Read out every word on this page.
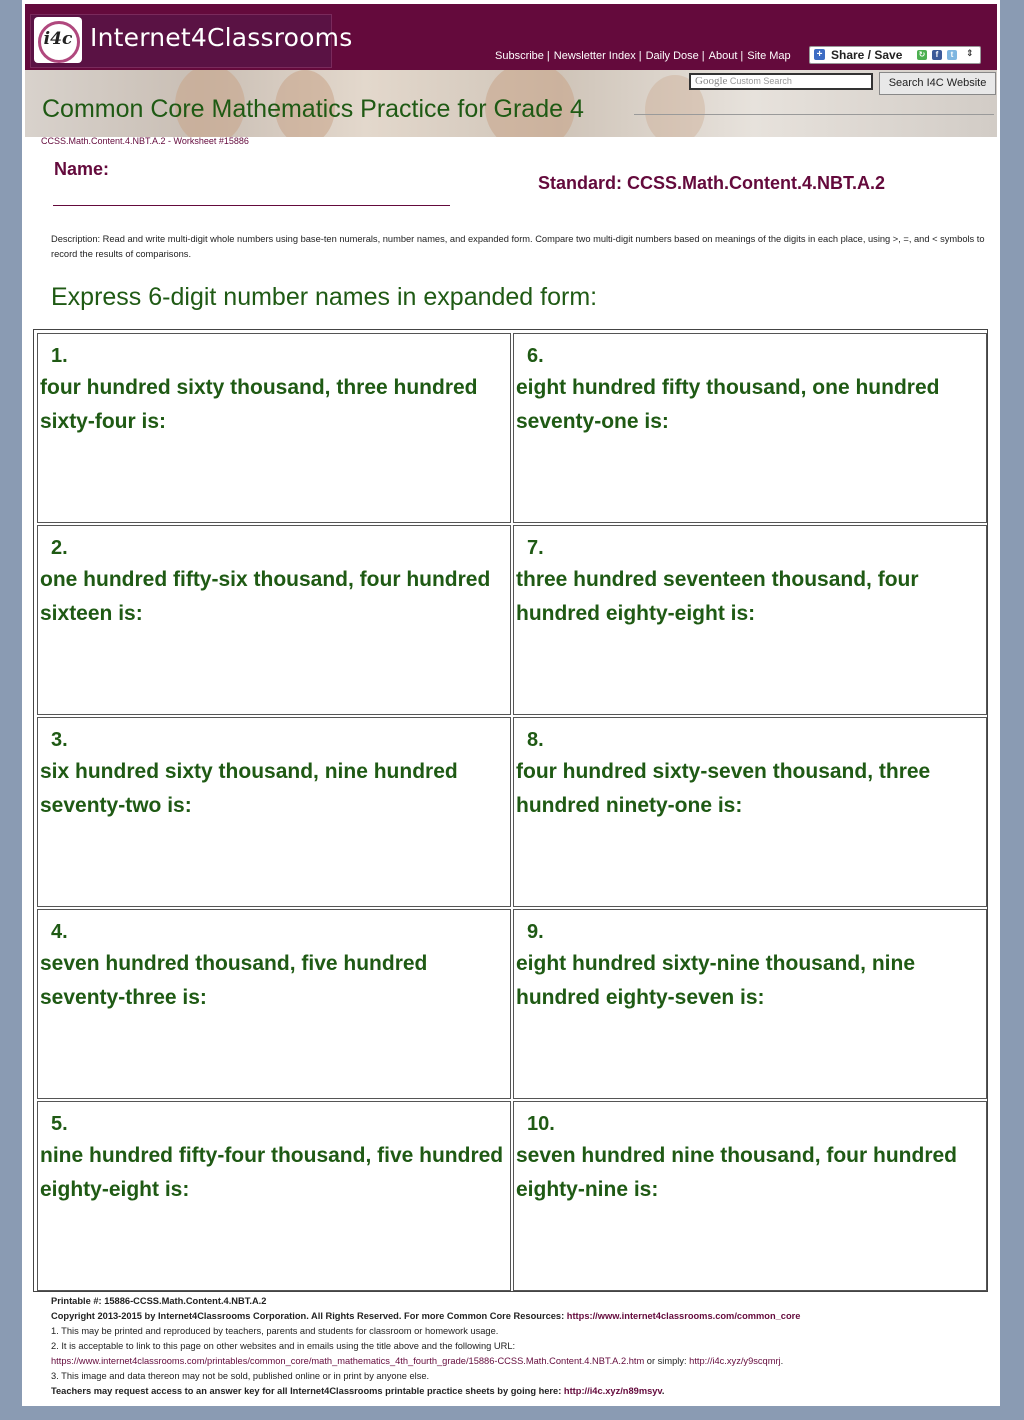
i4c Internet4Classrooms
Subscribe | Newsletter Index | Daily Dose | About | Site Map	+ Share / Save ↻	f	t	⇕
Google Custom Search	Search I4C Website
Common Core Mathematics Practice for Grade 4
CCSS.Math.Content.4.NBT.A.2 - Worksheet #15886
Name:
Standard: CCSS.Math.Content.4.NBT.A.2
Description: Read and write multi-digit whole numbers using base-ten numerals, number names, and expanded form. Compare two multi-digit numbers based on meanings of the digits in each place, using >, =, and < symbols to record the results of comparisons.
Express 6-digit number names in expanded form:
1.
four hundred sixty thousand, three hundred sixty-four is:
6.
eight hundred fifty thousand, one hundred seventy-one is:
2.
one hundred fifty-six thousand, four hundred sixteen is:
7.
three hundred seventeen thousand, four hundred eighty-eight is:
3.
six hundred sixty thousand, nine hundred seventy-two is:
8.
four hundred sixty-seven thousand, three hundred ninety-one is:
4.
seven hundred thousand, five hundred seventy-three is:
9.
eight hundred sixty-nine thousand, nine hundred eighty-seven is:
5.
nine hundred fifty-four thousand, five hundred eighty-eight is:
10.
seven hundred nine thousand, four hundred eighty-nine is:
Printable #: 15886-CCSS.Math.Content.4.NBT.A.2
Copyright 2013-2015 by Internet4Classrooms Corporation. All Rights Reserved. For more Common Core Resources: https://www.internet4classrooms.com/common_core
1. This may be printed and reproduced by teachers, parents and students for classroom or homework usage.
2. It is acceptable to link to this page on other websites and in emails using the title above and the following URL:
https://www.internet4classrooms.com/printables/common_core/math_mathematics_4th_fourth_grade/15886-CCSS.Math.Content.4.NBT.A.2.htm or simply: http://i4c.xyz/y9scqmrj.
3. This image and data thereon may not be sold, published online or in print by anyone else.
Teachers may request access to an answer key for all Internet4Classrooms printable practice sheets by going here: http://i4c.xyz/n89msyv.
